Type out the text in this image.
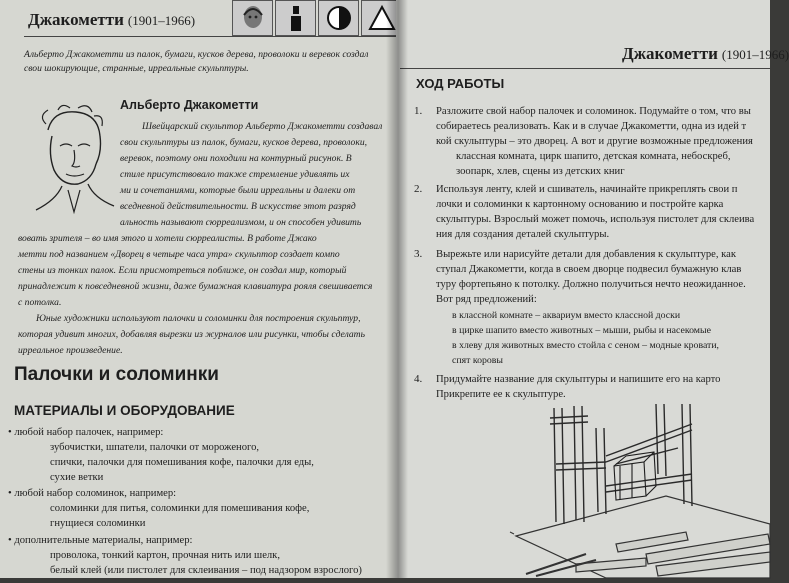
Джакометти (1901–1966)
Альберто Джакометти из палок, бумаги, кусков дерева, проволоки и веревок создал
свои шокирующие, странные, ирреальные скульптуры.
Альберто Джакометти
Швейцарский скульптор Альберто Джакометти создавал
свои скульптуры из палок, бумаги, кусков дерева, проволоки,
веревок, поэтому они походили на контурный рисунок. В
стиле присутствовало также стремление удивлять их
ми и сочетаниями, которые были ирреальны и далеки от
вседневной действительности. В искусстве этот разряд
альность называют сюрреализмом, и он способен удивить
вовать зрителя – во имя этого и хотели сюрреалисты. В работе Джако
метти под названием «Дворец в четыре часа утра» скульптор создает компо
стены из тонких палок. Если присмотреться поближе, он создал мир, который
принадлежит к повседневной жизни, даже бумажная клавиатура рояля свешивается
с потолка.
Юные художники используют палочки и соломинки для построения скульптур,
которая удивит многих, добавляя вырезки из журналов или рисунки, чтобы сделать
ирреальное произведение.
Палочки и соломинки
МАТЕРИАЛЫ И ОБОРУДОВАНИЕ
• любой набор палочек, например:
зубочистки, шпатели, палочки от мороженого,
спички, палочки для помешивания кофе, палочки для еды,
сухие ветки
• любой набор соломинок, например:
соломинки для питья, соломинки для помешивания кофе,
гнущиеся соломинки
• дополнительные материалы, например:
проволока, тонкий картон, прочная нить или шелк,
белый клей (или пистолет для склеивания – под надзором взрослого)
Джакометти (1901–1966)
ХОД РАБОТЫ
1. Разложите свой набор палочек и соломинок. Подумайте о том, что вы
собираетесь реализовать. Как и в случае Джакометти, одна из идей т
кой скульптуры – это дворец. А вот и другие возможные предложения
классная комната, цирк шапито, детская комната, небоскреб,
зоопарк, хлев, сцены из детских книг
2. Используя ленту, клей и сшиватель, начинайте прикреплять свои п
лочки и соломинки к картонному основанию и постройте карка
скульптуры. Взрослый может помочь, используя пистолет для склеива
ния для создания деталей скульптуры.
3. Вырежьте или нарисуйте детали для добавления к скульптуре, как
ступал Джакометти, когда в своем дворце подвесил бумажную клав
туру фортепьяно к потолку. Должно получиться нечто неожиданное.
Вот ряд предложений:
в классной комнате – аквариум вместо классной доски
в цирке шапито вместо животных – мыши, рыбы и насекомые
в хлеву для животных вместо стойла с сеном – модные кровати,
спят коровы
4. Придумайте название для скульптуры и напишите его на карто
Прикрепите ее к скульптуре.
